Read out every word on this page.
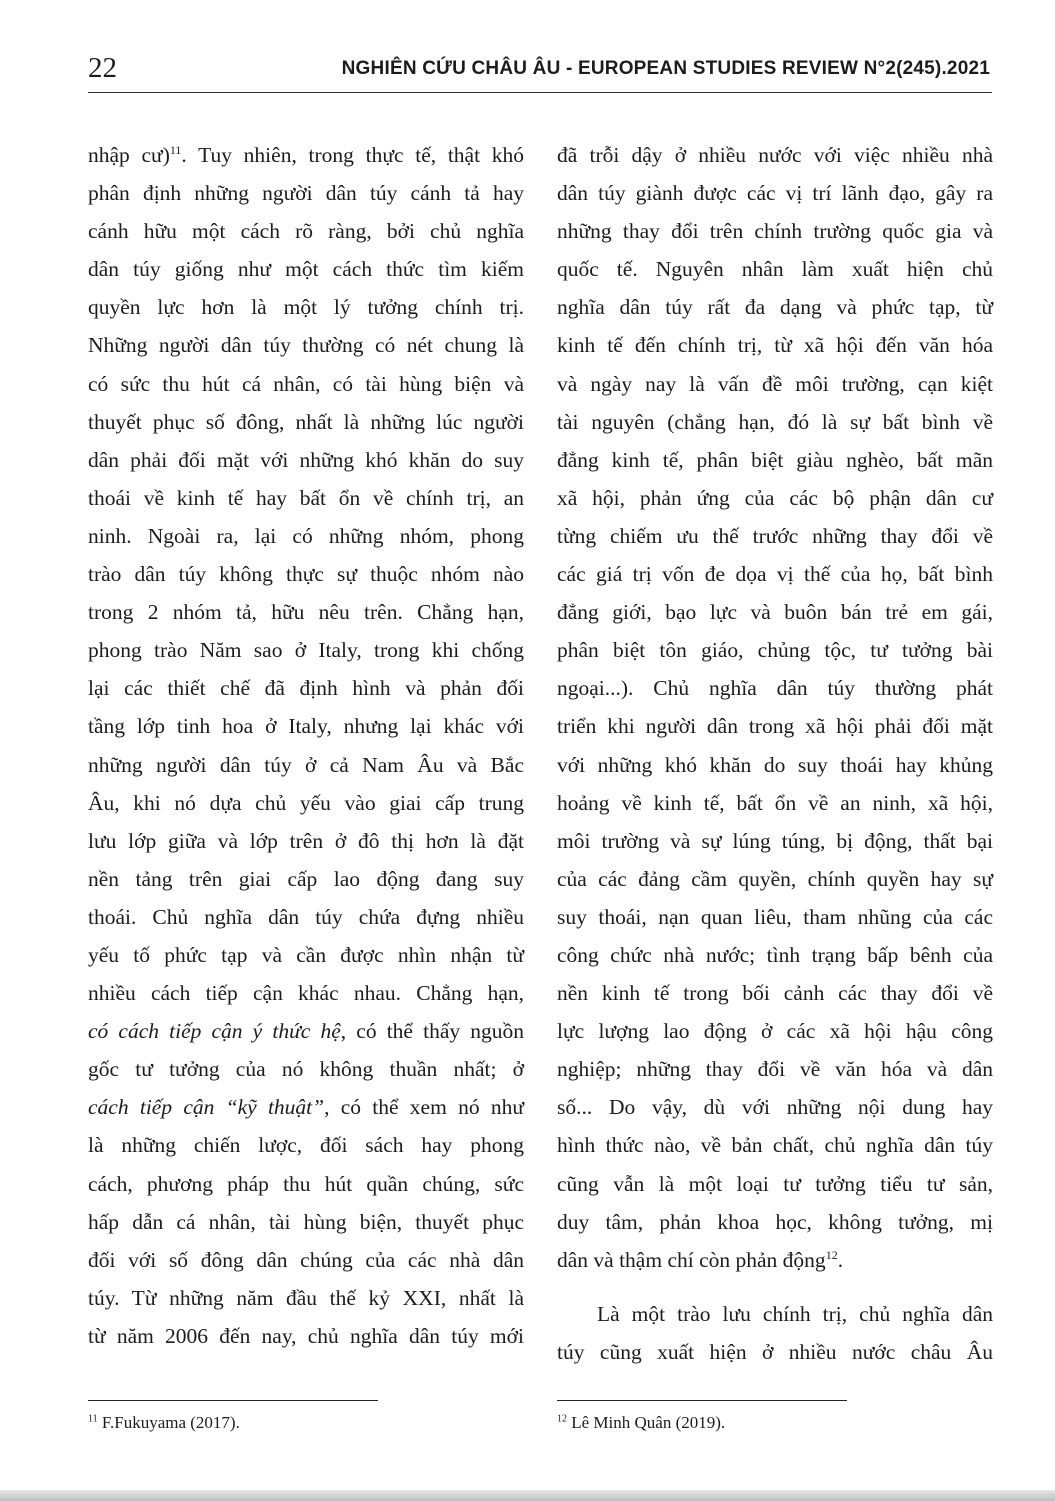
22	NGHIÊN CỨU CHÂU ÂU - EUROPEAN STUDIES REVIEW N°2(245).2021
nhập cư)$^{11}$. Tuy nhiên, trong thực tế, thật khó
phân định những người dân túy cánh tả hay
cánh hữu một cách rõ ràng, bởi chủ nghĩa
dân túy giống như một cách thức tìm kiếm
quyền lực hơn là một lý tưởng chính trị.
Những người dân túy thường có nét chung là
có sức thu hút cá nhân, có tài hùng biện và
thuyết phục số đông, nhất là những lúc người
dân phải đối mặt với những khó khăn do suy
thoái về kinh tế hay bất ổn về chính trị, an
ninh. Ngoài ra, lại có những nhóm, phong
trào dân túy không thực sự thuộc nhóm nào
trong 2 nhóm tả, hữu nêu trên. Chẳng hạn,
phong trào Năm sao ở Italy, trong khi chống
lại các thiết chế đã định hình và phản đối
tầng lớp tinh hoa ở Italy, nhưng lại khác với
những người dân túy ở cả Nam Âu và Bắc
Âu, khi nó dựa chủ yếu vào giai cấp trung
lưu lớp giữa và lớp trên ở đô thị hơn là đặt
nền tảng trên giai cấp lao động đang suy
thoái. Chủ nghĩa dân túy chứa đựng nhiều
yếu tố phức tạp và cần được nhìn nhận từ
nhiều cách tiếp cận khác nhau. Chẳng hạn,
có cách tiếp cận ý thức hệ, có thể thấy nguồn
gốc tư tưởng của nó không thuần nhất; ở
cách tiếp cận “kỹ thuật”, có thể xem nó như
là những chiến lược, đối sách hay phong
cách, phương pháp thu hút quần chúng, sức
hấp dẫn cá nhân, tài hùng biện, thuyết phục
đối với số đông dân chúng của các nhà dân
túy. Từ những năm đầu thế kỷ XXI, nhất là
từ năm 2006 đến nay, chủ nghĩa dân túy mới
đã trỗi dậy ở nhiều nước với việc nhiều nhà
dân túy giành được các vị trí lãnh đạo, gây ra
những thay đổi trên chính trường quốc gia và
quốc tế. Nguyên nhân làm xuất hiện chủ
nghĩa dân túy rất đa dạng và phức tạp, từ
kinh tế đến chính trị, từ xã hội đến văn hóa
và ngày nay là vấn đề môi trường, cạn kiệt
tài nguyên (chẳng hạn, đó là sự bất bình về
đẳng kinh tế, phân biệt giàu nghèo, bất mãn
xã hội, phản ứng của các bộ phận dân cư
từng chiếm ưu thế trước những thay đổi về
các giá trị vốn đe dọa vị thế của họ, bất bình
đẳng giới, bạo lực và buôn bán trẻ em gái,
phân biệt tôn giáo, chủng tộc, tư tưởng bài
ngoại...). Chủ nghĩa dân túy thường phát
triển khi người dân trong xã hội phải đối mặt
với những khó khăn do suy thoái hay khủng
hoảng về kinh tế, bất ổn về an ninh, xã hội,
môi trường và sự lúng túng, bị động, thất bại
của các đảng cầm quyền, chính quyền hay sự
suy thoái, nạn quan liêu, tham nhũng của các
công chức nhà nước; tình trạng bấp bênh của
nền kinh tế trong bối cảnh các thay đổi về
lực lượng lao động ở các xã hội hậu công
nghiệp; những thay đổi về văn hóa và dân
số... Do vậy, dù với những nội dung hay
hình thức nào, về bản chất, chủ nghĩa dân túy
cũng vẫn là một loại tư tưởng tiểu tư sản,
duy tâm, phản khoa học, không tưởng, mị
dân và thậm chí còn phản động$^{12}$.
Là một trào lưu chính trị, chủ nghĩa dân
túy cũng xuất hiện ở nhiều nước châu Âu
$^{11}$ F.Fukuyama (2017).	$^{12}$ Lê Minh Quân (2019).
